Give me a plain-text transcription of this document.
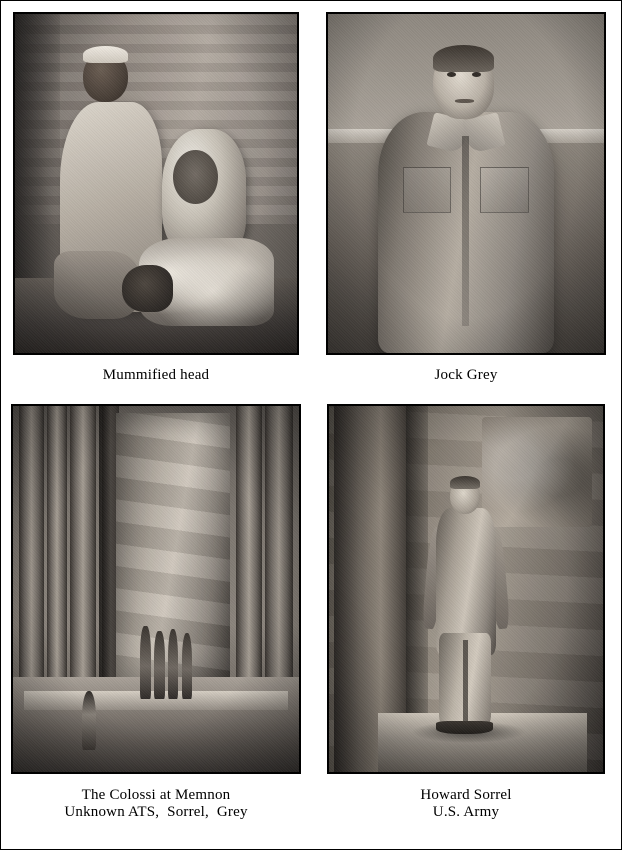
Mummified head	Jock Grey
The Colossi at Memnon
Unknown ATS,  Sorrel,  Grey
Howard Sorrel
U.S. Army
